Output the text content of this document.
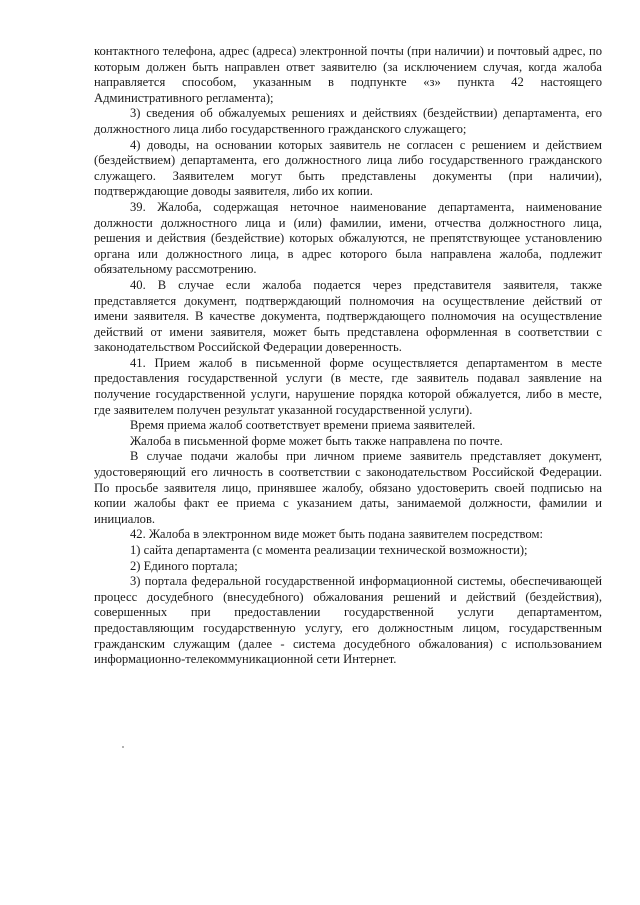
контактного телефона, адрес (адреса) электронной почты (при наличии) и почтовый адрес, по которым должен быть направлен ответ заявителю (за исключением случая, когда жалоба направляется способом, указанным в подпункте «з» пункта 42 настоящего Административного регламента);

3) сведения об обжалуемых решениях и действиях (бездействии) департамента, его должностного лица либо государственного гражданского служащего;

4) доводы, на основании которых заявитель не согласен с решением и действием (бездействием) департамента, его должностного лица либо государственного гражданского служащего. Заявителем могут быть представлены документы (при наличии), подтверждающие доводы заявителя, либо их копии.

39. Жалоба, содержащая неточное наименование департамента, наименование должности должностного лица и (или) фамилии, имени, отчества должностного лица, решения и действия (бездействие) которых обжалуются, не препятствующее установлению органа или должностного лица, в адрес которого была направлена жалоба, подлежит обязательному рассмотрению.

40. В случае если жалоба подается через представителя заявителя, также представляется документ, подтверждающий полномочия на осуществление действий от имени заявителя. В качестве документа, подтверждающего полномочия на осуществление действий от имени заявителя, может быть представлена оформленная в соответствии с законодательством Российской Федерации доверенность.

41. Прием жалоб в письменной форме осуществляется департаментом в месте предоставления государственной услуги (в месте, где заявитель подавал заявление на получение государственной услуги, нарушение порядка которой обжалуется, либо в месте, где заявителем получен результат указанной государственной услуги).

Время приема жалоб соответствует времени приема заявителей.

Жалоба в письменной форме может быть также направлена по почте.

В случае подачи жалобы при личном приеме заявитель представляет документ, удостоверяющий его личность в соответствии с законодательством Российской Федерации. По просьбе заявителя лицо, принявшее жалобу, обязано удостоверить своей подписью на копии жалобы факт ее приема с указанием даты, занимаемой должности, фамилии и инициалов.

42. Жалоба в электронном виде может быть подана заявителем посредством:

1) сайта департамента (с момента реализации технической возможности);

2) Единого портала;

3) портала федеральной государственной информационной системы, обеспечивающей процесс досудебного (внесудебного) обжалования решений и действий (бездействия), совершенных при предоставлении государственной услуги департаментом, предоставляющим государственную услугу, его должностным лицом, государственным гражданским служащим (далее - система досудебного обжалования) с использованием информационно-телекоммуникационной сети Интернет.
